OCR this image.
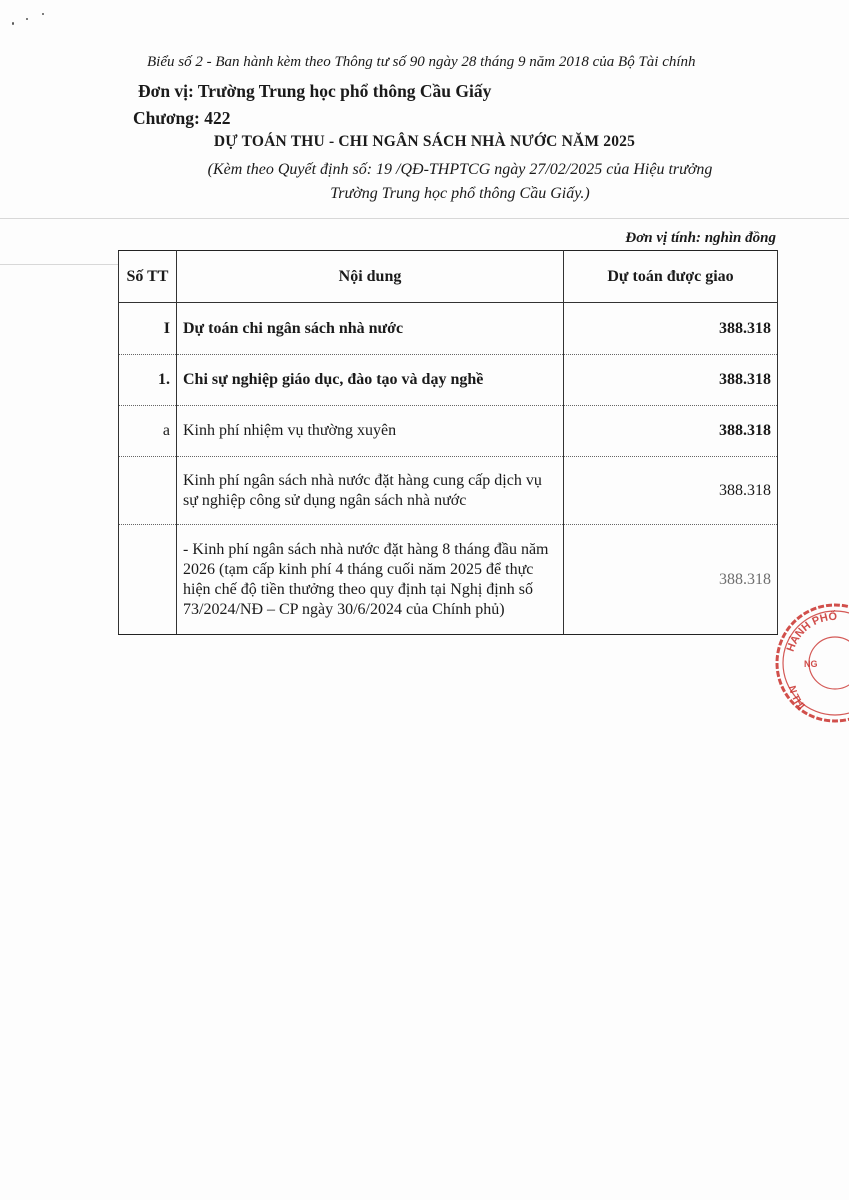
Biểu số 2 - Ban hành kèm theo Thông tư số 90 ngày 28 tháng 9 năm 2018 của Bộ Tài chính
Đơn vị: Trường Trung học phổ thông Cầu Giấy
Chương: 422
DỰ TOÁN THU - CHI NGÂN SÁCH NHÀ NƯỚC NĂM 2025
(Kèm theo Quyết định số: 19 /QĐ-THPTCG ngày 27/02/2025 của Hiệu trưởng
Trường Trung học phổ thông Cầu Giấy.)
Đơn vị tính: nghìn đồng
Số TT	Nội dung	Dự toán được giao
I	Dự toán chi ngân sách nhà nước	388.318
1.	Chi sự nghiệp giáo dục, đào tạo và dạy nghề	388.318
a	Kinh phí nhiệm vụ thường xuyên	388.318
	Kinh phí ngân sách nhà nước đặt hàng cung cấp dịch vụ sự nghiệp công sử dụng ngân sách nhà nước	388.318
	- Kinh phí ngân sách nhà nước đặt hàng 8 tháng đầu năm 2026 (tạm cấp kinh phí 4 tháng cuối năm 2025 để thực hiện chế độ tiền thưởng theo quy định tại Nghị định số 73/2024/NĐ – CP ngày 30/6/2024 của Chính phủ)	388.318
HÀNH PHỐ
NG
N THỊ
